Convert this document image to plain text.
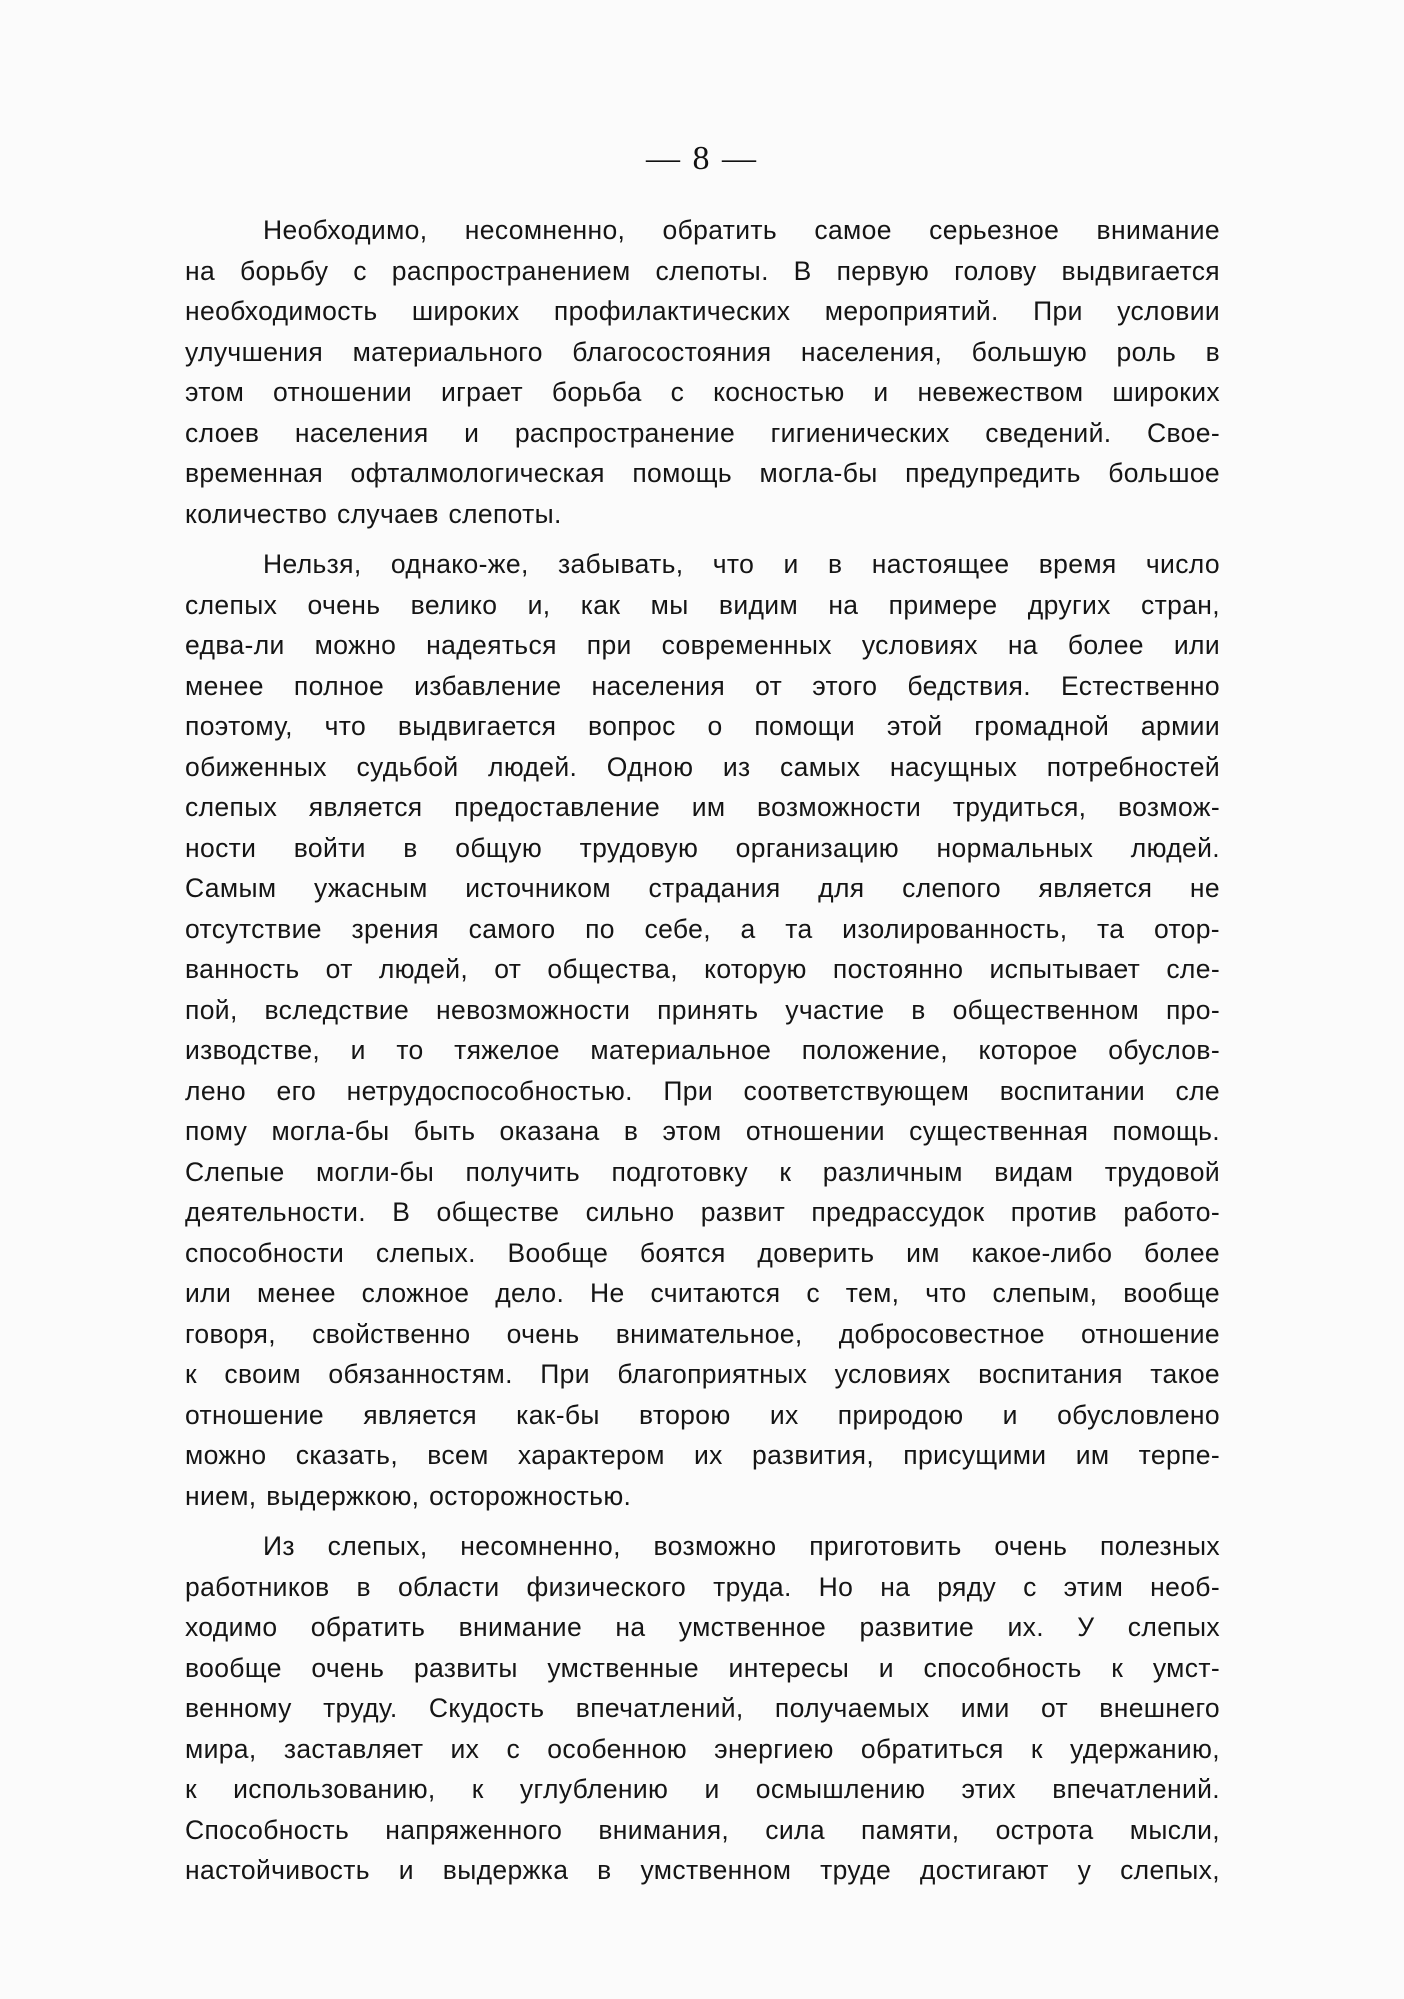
— 8 —
Необходимо, несомненно, обратить самое серьезное внимание
на борьбу с распространением слепоты. В первую голову выдвигается
необходимость широких профилактических мероприятий. При условии
улучшения материального благосостояния населения, большую роль в
этом отношении играет борьба с косностью и невежеством широких
слоев населения и распространение гигиенических сведений. Свое-
временная офталмологическая помощь могла-бы предупредить большое
количество случаев слепоты.
Нельзя, однако-же, забывать, что и в настоящее время число
слепых очень велико и, как мы видим на примере других стран,
едва-ли можно надеяться при современных условиях на более или
менее полное избавление населения от этого бедствия. Естественно
поэтому, что выдвигается вопрос о помощи этой громадной армии
обиженных судьбой людей. Одною из самых насущных потребностей
слепых является предоставление им возможности трудиться, возмож-
ности войти в общую трудовую организацию нормальных людей.
Самым ужасным источником страдания для слепого является не
отсутствие зрения самого по себе, а та изолированность, та отор-
ванность от людей, от общества, которую постоянно испытывает сле-
пой, вследствие невозможности принять участие в общественном про-
изводстве, и то тяжелое материальное положение, которое обуслов-
лено его нетрудоспособностью. При соответствующем воспитании сле
пому могла-бы быть оказана в этом отношении существенная помощь.
Слепые могли-бы получить подготовку к различным видам трудовой
деятельности. В обществе сильно развит предрассудок против работо-
способности слепых. Вообще боятся доверить им какое-либо более
или менее сложное дело. Не считаются с тем, что слепым, вообще
говоря, свойственно очень внимательное, добросовестное отношение
к своим обязанностям. При благоприятных условиях воспитания такое
отношение является как-бы второю их природою и обусловлено
можно сказать, всем характером их развития, присущими им терпе-
нием, выдержкою, осторожностью.
Из слепых, несомненно, возможно приготовить очень полезных
работников в области физического труда. Но на ряду с этим необ-
ходимо обратить внимание на умственное развитие их. У слепых
вообще очень развиты умственные интересы и способность к умст-
венному труду. Скудость впечатлений, получаемых ими от внешнего
мира, заставляет их с особенною энергиею обратиться к удержанию,
к использованию, к углублению и осмышлению этих впечатлений.
Способность напряженного внимания, сила памяти, острота мысли,
настойчивость и выдержка в умственном труде достигают у слепых,
